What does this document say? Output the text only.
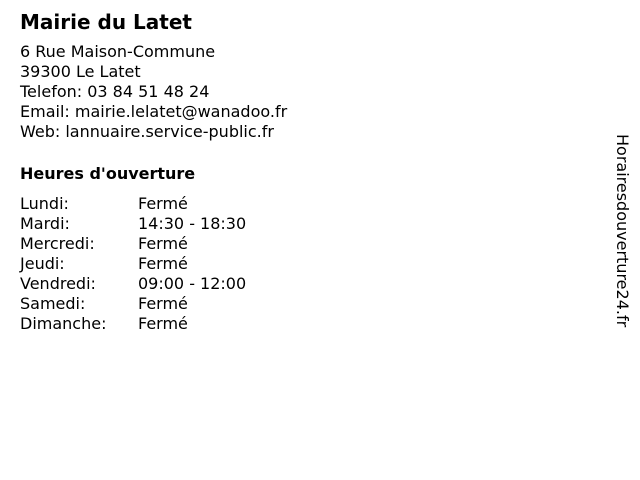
Mairie du Latet
6 Rue Maison-Commune
39300 Le Latet
Telefon: 03 84 51 48 24
Email: mairie.lelatet@wanadoo.fr
Web: lannuaire.service-public.fr
Heures d'ouverture
Lundi:	Fermé
Mardi:	14:30 - 18:30
Mercredi:	Fermé
Jeudi:	Fermé
Vendredi:	09:00 - 12:00
Samedi:	Fermé
Dimanche: Fermé	Horairesdouverture24.fr
